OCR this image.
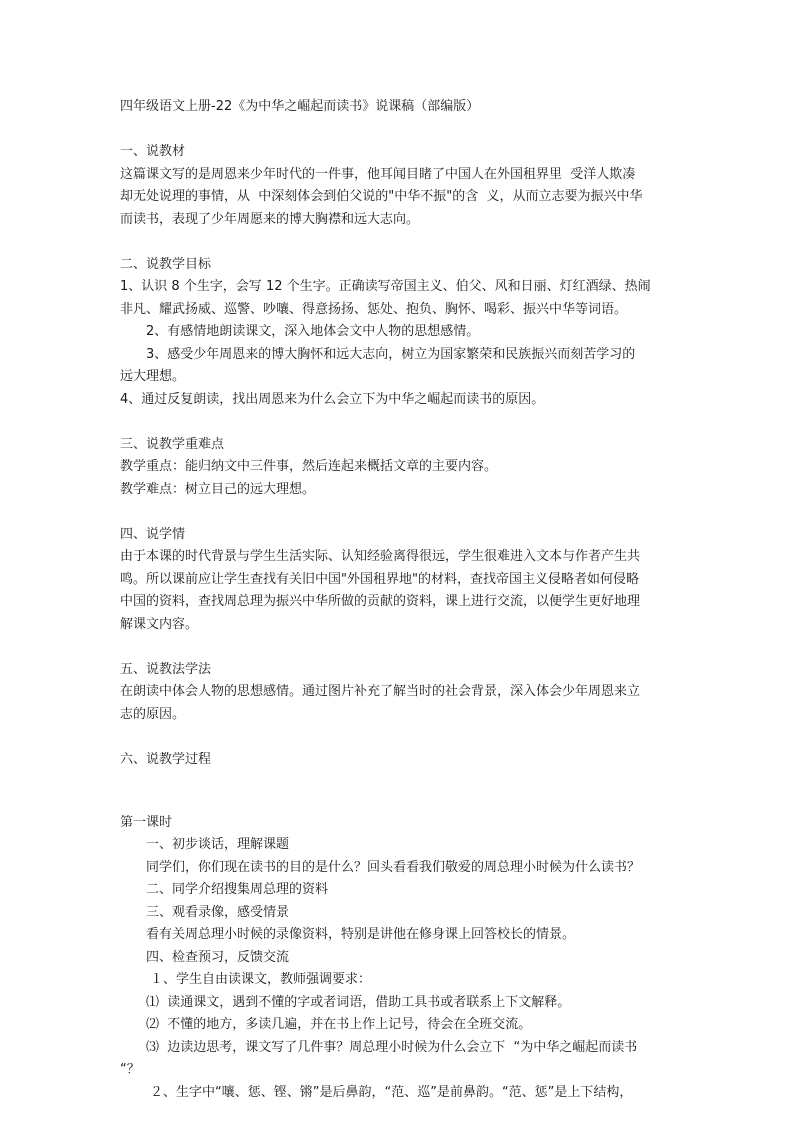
四年级语文上册-22《为中华之崛起而读书》说课稿（部编版）

一、说教材

这篇课文写的是周恩来少年时代的一件事，他耳闻目睹了中国人在外国租界里  受洋人欺凑

却无处说理的事情，从  中深刻体会到伯父说的"中华不振"的含  义，从而立志要为振兴中华

而读书，表现了少年周愿来的博大胸襟和远大志向。

二、说教学目标

1、认识 8 个生字，会写 12 个生字。正确读写帝国主义、伯父、风和日丽、灯红酒绿、热闹

非凡、耀武扬威、巡警、吵嚷、得意扬扬、惩处、抱负、胸怀、喝彩、振兴中华等词语。

2、有感情地朗读课文，深入地体会文中人物的思想感情。

3、感受少年周恩来的博大胸怀和远大志向，树立为国家繁荣和民族振兴而刻苦学习的

远大理想。

4、通过反复朗读，找出周恩来为什么会立下为中华之崛起而读书的原因。

三、说教学重难点

教学重点：能归纳文中三件事，然后连起来概括文章的主要内容。

教学难点：树立目己的远大理想。

四、说学情

由于本课的时代背景与学生生活实际、认知经验离得很远，学生很难进入文本与作者产生共

鸣。所以课前应让学生查找有关旧中国"外国租界地"的材料，查找帝国主义侵略者如何侵略

中国的资料，查找周总理为振兴中华所做的贡献的资料，课上进行交流，以便学生更好地理

解课文内容。

五、说教法学法

在朗读中体会人物的思想感情。通过图片补充了解当时的社会背景，深入体会少年周恩来立

志的原因。

六、说教学过程

第一课时

一、初步谈话，理解课题

同学们，你们现在读书的目的是什么？回头看看我们敬爱的周总理小时候为什么读书？

二、同学介绍搜集周总理的资料

三、观看录像，感受情景

看有关周总理小时候的录像资料，特别是讲他在修身课上回答校长的情景。

四、检查预习，反馈交流

１、学生自由读课文，教师强调要求：

⑴  读通课文，遇到不懂的字或者词语，借助工具书或者联系上下文解释。

⑵  不懂的地方，多读几遍，并在书上作上记号，待会在全班交流。

⑶  边读边思考，课文写了几件事？周总理小时候为什么会立下  “为中华之崛起而读书

“？

２、生字中“嚷、惩、铿、锵”是后鼻韵，“范、巡”是前鼻韵。“范、惩”是上下结构，
